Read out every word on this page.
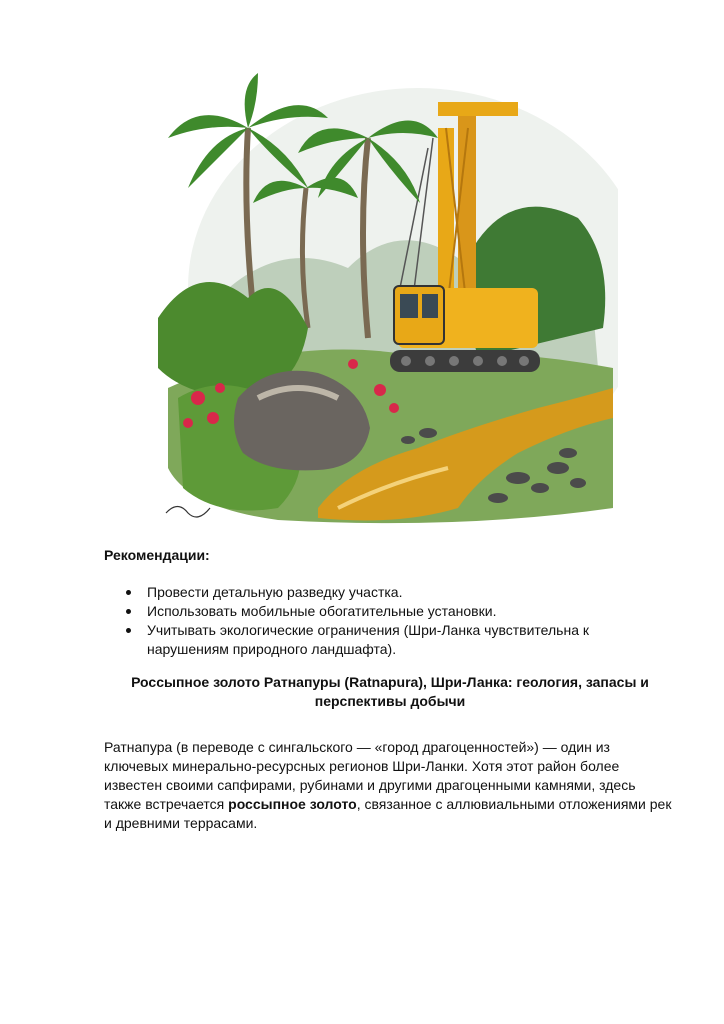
Рекомендации:
Провести детальную разведку участка.
Использовать мобильные обогатительные установки.
Учитывать экологические ограничения (Шри-Ланка чувствительна к нарушениям природного ландшафта).
Россыпное золото Ратнапуры (Ratnapura), Шри-Ланка: геология, запасы и перспективы добычи

Ратнапура (в переводе с сингальского — «город драгоценностей») — один из ключевых минерально-ресурсных регионов Шри-Ланки. Хотя этот район более известен своими сапфирами, рубинами и другими драгоценными камнями, здесь также встречается россыпное золото, связанное с аллювиальными отложениями рек и древними террасами.
